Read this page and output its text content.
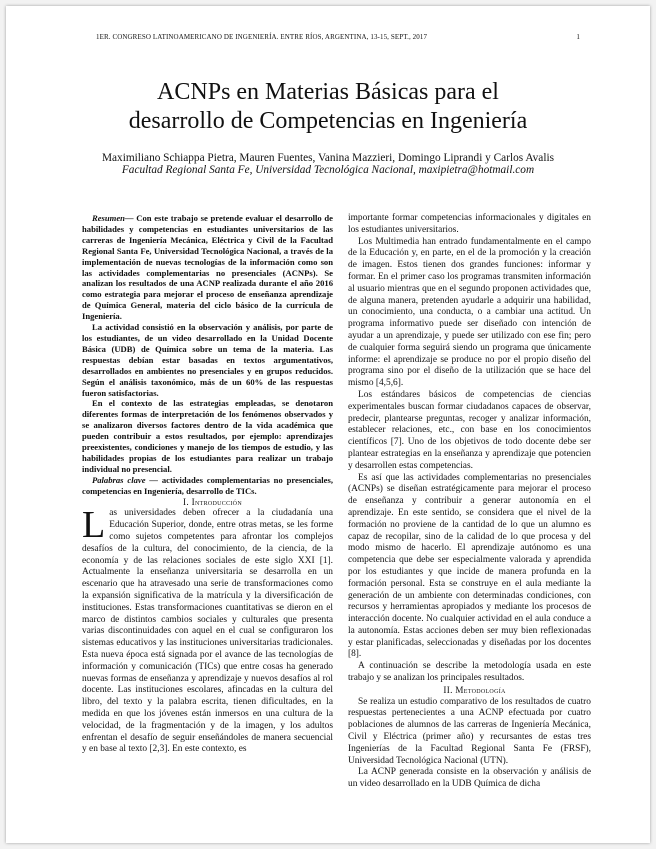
1ER. CONGRESO LATINOAMERICANO DE INGENIERÍA. ENTRE RÍOS, ARGENTINA, 13-15, SEPT., 2017	1
ACNPs en Materias Básicas para el
desarrollo de Competencias en Ingeniería
Maximiliano Schiappa Pietra, Mauren Fuentes, Vanina Mazzieri, Domingo Liprandi y Carlos Avalis
Facultad Regional Santa Fe, Universidad Tecnológica Nacional, maxipietra@hotmail.com

Resumen— Con este trabajo se pretende evaluar el desarrollo de habilidades y competencias en estudiantes universitarios de las carreras de Ingeniería Mecánica, Eléctrica y Civil de la Facultad Regional Santa Fe, Universidad Tecnológica Nacional, a través de la implementación de nuevas tecnologías de la información como son las actividades complementarias no presenciales (ACNPs). Se analizan los resultados de una ACNP realizada durante el año 2016 como estrategia para mejorar el proceso de enseñanza aprendizaje de Química General, materia del ciclo básico de la currícula de Ingeniería.

La actividad consistió en la observación y análisis, por parte de los estudiantes, de un video desarrollado en la Unidad Docente Básica (UDB) de Química sobre un tema de la materia. Las respuestas debían estar basadas en textos argumentativos, desarrollados en ambientes no presenciales y en grupos reducidos. Según el análisis taxonómico, más de un 60% de las respuestas fueron satisfactorias.

En el contexto de las estrategias empleadas, se denotaron diferentes formas de interpretación de los fenómenos observados y se analizaron diversos factores dentro de la vida académica que pueden contribuir a estos resultados, por ejemplo: aprendizajes preexistentes, condiciones y manejo de los tiempos de estudio, y las habilidades propias de los estudiantes para realizar un trabajo individual no presencial.

Palabras clave — actividades complementarias no presenciales, competencias en Ingeniería, desarrollo de TICs.

I. Introducción

Las universidades deben ofrecer a la ciudadanía una Educación Superior, donde, entre otras metas, se les forme como sujetos competentes para afrontar los complejos desafíos de la cultura, del conocimiento, de la ciencia, de la economía y de las relaciones sociales de este siglo XXI [1]. Actualmente la enseñanza universitaria se desarrolla en un escenario que ha atravesado una serie de transformaciones como la expansión significativa de la matrícula y la diversificación de instituciones. Estas transformaciones cuantitativas se dieron en el marco de distintos cambios sociales y culturales que presenta varias discontinuidades con aquel en el cual se configuraron los sistemas educativos y las instituciones universitarias tradicionales. Esta nueva época está signada por el avance de las tecnologías de información y comunicación (TICs) que entre cosas ha generado nuevas formas de enseñanza y aprendizaje y nuevos desafíos al rol docente. Las instituciones escolares, afincadas en la cultura del libro, del texto y la palabra escrita, tienen dificultades, en la medida en que los jóvenes están inmersos en una cultura de la velocidad, de la fragmentación y de la imagen, y los adultos enfrentan el desafío de seguir enseñándoles de manera secuencial y en base al texto [2,3]. En este contexto, es

importante formar competencias informacionales y digitales en los estudiantes universitarios.

Los Multimedia han entrado fundamentalmente en el campo de la Educación y, en parte, en el de la promoción y la creación de imagen. Estos tienen dos grandes funciones: informar y formar. En el primer caso los programas transmiten información al usuario mientras que en el segundo proponen actividades que, de alguna manera, pretenden ayudarle a adquirir una habilidad, un conocimiento, una conducta, o a cambiar una actitud. Un programa informativo puede ser diseñado con intención de ayudar a un aprendizaje, y puede ser utilizado con ese fin; pero de cualquier forma seguirá siendo un programa que únicamente informe: el aprendizaje se produce no por el propio diseño del programa sino por el diseño de la utilización que se hace del mismo [4,5,6].

Los estándares básicos de competencias de ciencias experimentales buscan formar ciudadanos capaces de observar, predecir, plantearse preguntas, recoger y analizar información, establecer relaciones, etc., con base en los conocimientos científicos [7]. Uno de los objetivos de todo docente debe ser plantear estrategias en la enseñanza y aprendizaje que potencien y desarrollen estas competencias.

Es así que las actividades complementarias no presenciales (ACNPs) se diseñan estratégicamente para mejorar el proceso de enseñanza y contribuir a generar autonomía en el aprendizaje. En este sentido, se considera que el nivel de la formación no proviene de la cantidad de lo que un alumno es capaz de recopilar, sino de la calidad de lo que procesa y del modo mismo de hacerlo. El aprendizaje autónomo es una competencia que debe ser especialmente valorada y aprendida por los estudiantes y que incide de manera profunda en la formación personal. Esta se construye en el aula mediante la generación de un ambiente con determinadas condiciones, con recursos y herramientas apropiados y mediante los procesos de interacción docente. No cualquier actividad en el aula conduce a la autonomía. Estas acciones deben ser muy bien reflexionadas y estar planificadas, seleccionadas y diseñadas por los docentes [8].

A continuación se describe la metodología usada en este trabajo y se analizan los principales resultados.

II. Metodología

Se realiza un estudio comparativo de los resultados de cuatro respuestas pertenecientes a una ACNP efectuada por cuatro poblaciones de alumnos de las carreras de Ingeniería Mecánica, Civil y Eléctrica (primer año) y recursantes de estas tres Ingenierías de la Facultad Regional Santa Fe (FRSF), Universidad Tecnológica Nacional (UTN).

La ACNP generada consiste en la observación y análisis de un video desarrollado en la UDB Química de dicha
